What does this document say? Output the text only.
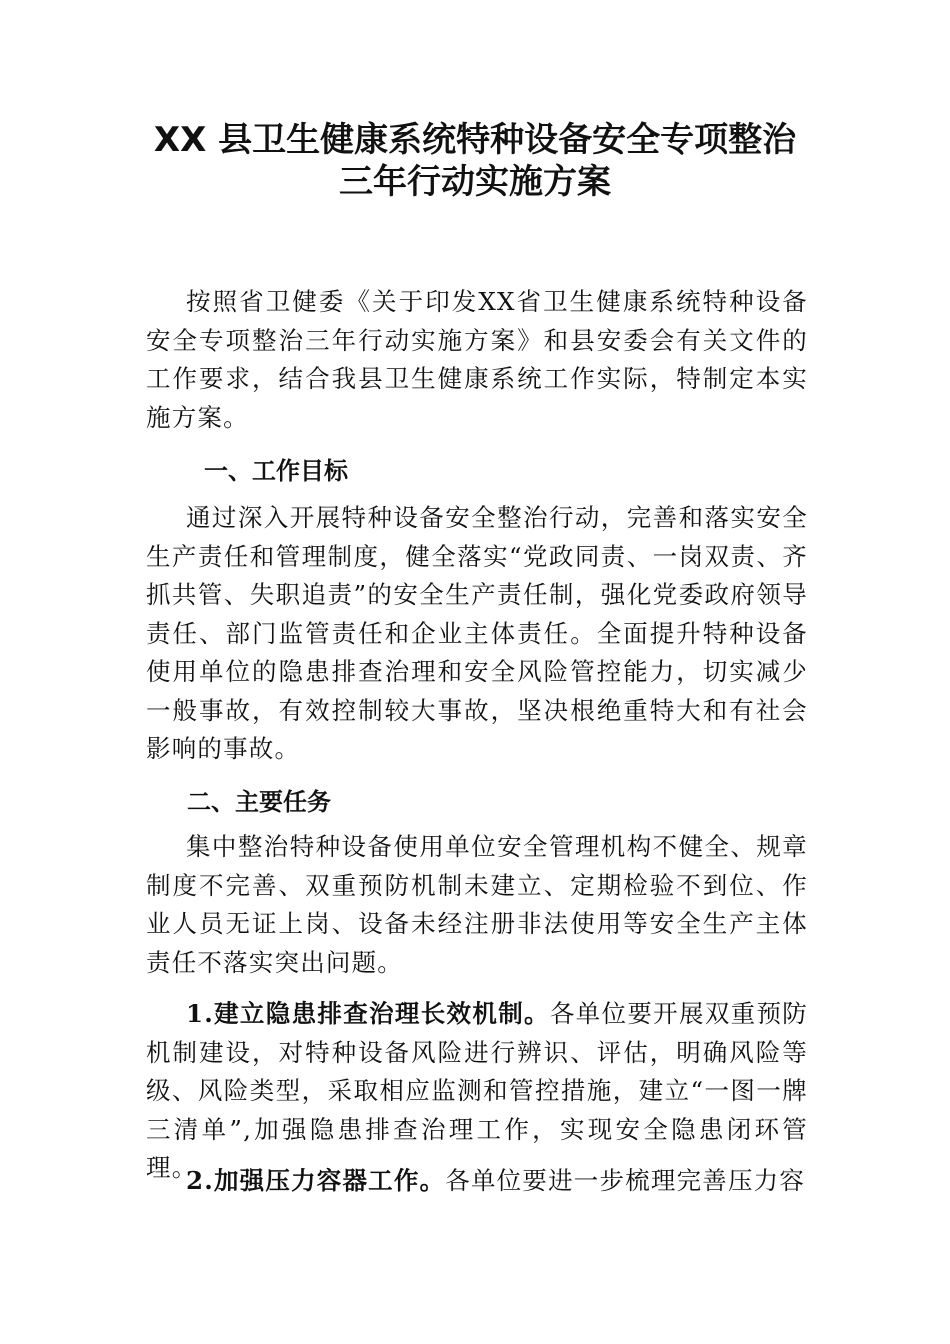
XX 县卫生健康系统特种设备安全专项整治
三年行动实施方案

按照省卫健委《关于印发XX省卫生健康系统特种设备安全专项整治三年行动实施方案》和县安委会有关文件的工作要求，结合我县卫生健康系统工作实际，特制定本实施方案。

一、工作目标

通过深入开展特种设备安全整治行动，完善和落实安全生产责任和管理制度，健全落实“党政同责、一岗双责、齐抓共管、失职追责”的安全生产责任制，强化党委政府领导责任、部门监管责任和企业主体责任。全面提升特种设备使用单位的隐患排查治理和安全风险管控能力，切实减少一般事故，有效控制较大事故，坚决根绝重特大和有社会影响的事故。

二、主要任务

集中整治特种设备使用单位安全管理机构不健全、规章制度不完善、双重预防机制未建立、定期检验不到位、作业人员无证上岗、设备未经注册非法使用等安全生产主体责任不落实突出问题。

1.建立隐患排查治理长效机制。各单位要开展双重预防机制建设，对特种设备风险进行辨识、评估，明确风险等级、风险类型，采取相应监测和管控措施，建立“一图一牌三清单”,加强隐患排查治理工作，实现安全隐患闭环管理。

2.加强压力容器工作。各单位要进一步梳理完善压力容
